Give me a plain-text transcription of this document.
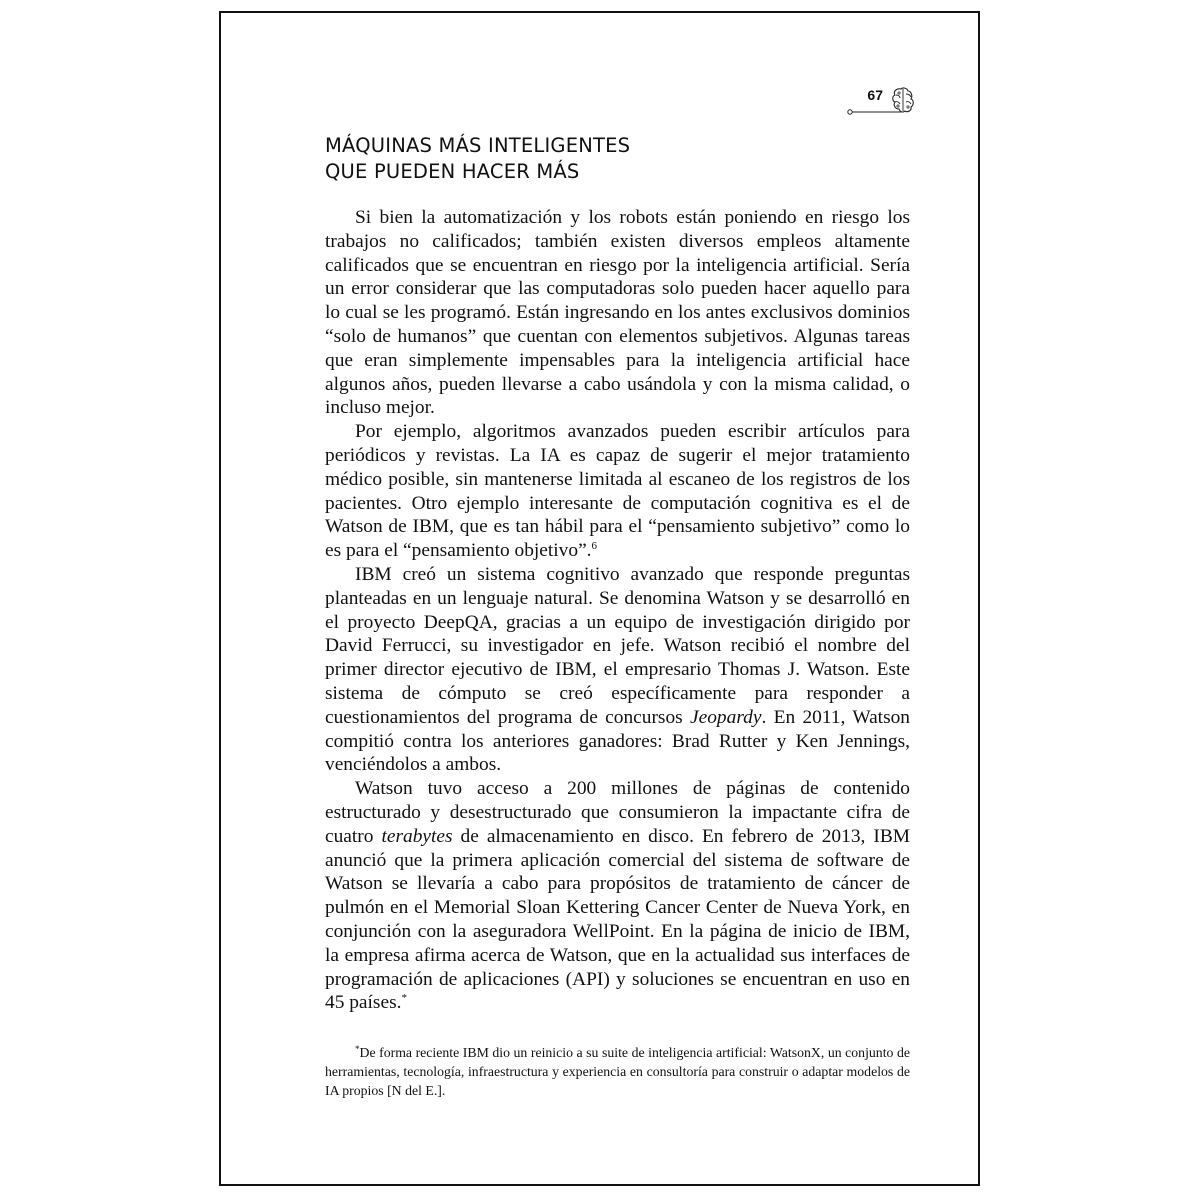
67
MÁQUINAS MÁS INTELIGENTES
QUE PUEDEN HACER MÁS

Si bien la automatización y los robots están poniendo en riesgo los trabajos no calificados; también existen diversos empleos altamente calificados que se encuentran en riesgo por la inteligencia artificial. Sería un error considerar que las computadoras solo pueden hacer aquello para lo cual se les programó. Están ingresando en los antes exclusivos dominios “solo de humanos” que cuentan con elementos subjetivos. Algunas tareas que eran simplemente impensables para la inteligencia artificial hace algunos años, pueden llevarse a cabo usándola y con la misma calidad, o incluso mejor.

Por ejemplo, algoritmos avanzados pueden escribir artículos para periódicos y revistas. La IA es capaz de sugerir el mejor tratamiento médico posible, sin mantenerse limitada al escaneo de los registros de los pacientes. Otro ejemplo interesante de computación cognitiva es el de Watson de IBM, que es tan hábil para el “pensamiento subjetivo” como lo es para el “pensamiento objetivo”.$^6$

IBM creó un sistema cognitivo avanzado que responde preguntas planteadas en un lenguaje natural. Se denomina Watson y se desarrolló en el proyecto DeepQA, gracias a un equipo de investigación dirigido por David Ferrucci, su investigador en jefe. Watson recibió el nombre del primer director ejecutivo de IBM, el empresario Thomas J. Watson. Este sistema de cómputo se creó específicamente para responder a cuestionamientos del programa de concursos Jeopardy. En 2011, Watson compitió contra los anteriores ganadores: Brad Rutter y Ken Jennings, venciéndolos a ambos.

Watson tuvo acceso a 200 millones de páginas de contenido estructurado y desestructurado que consumieron la impactante cifra de cuatro terabytes de almacenamiento en disco. En febrero de 2013, IBM anunció que la primera aplicación comercial del sistema de software de Watson se llevaría a cabo para propósitos de tratamiento de cáncer de pulmón en el Memorial Sloan Kettering Cancer Center de Nueva York, en conjunción con la aseguradora WellPoint. En la página de inicio de IBM, la empresa afirma acerca de Watson, que en la actualidad sus interfaces de programación de aplicaciones (API) y soluciones se encuentran en uso en 45 países.*

*De forma reciente IBM dio un reinicio a su suite de inteligencia artificial: WatsonX, un conjunto de herramientas, tecnología, infraestructura y experiencia en consultoría para construir o adaptar modelos de IA propios [N del E.].
